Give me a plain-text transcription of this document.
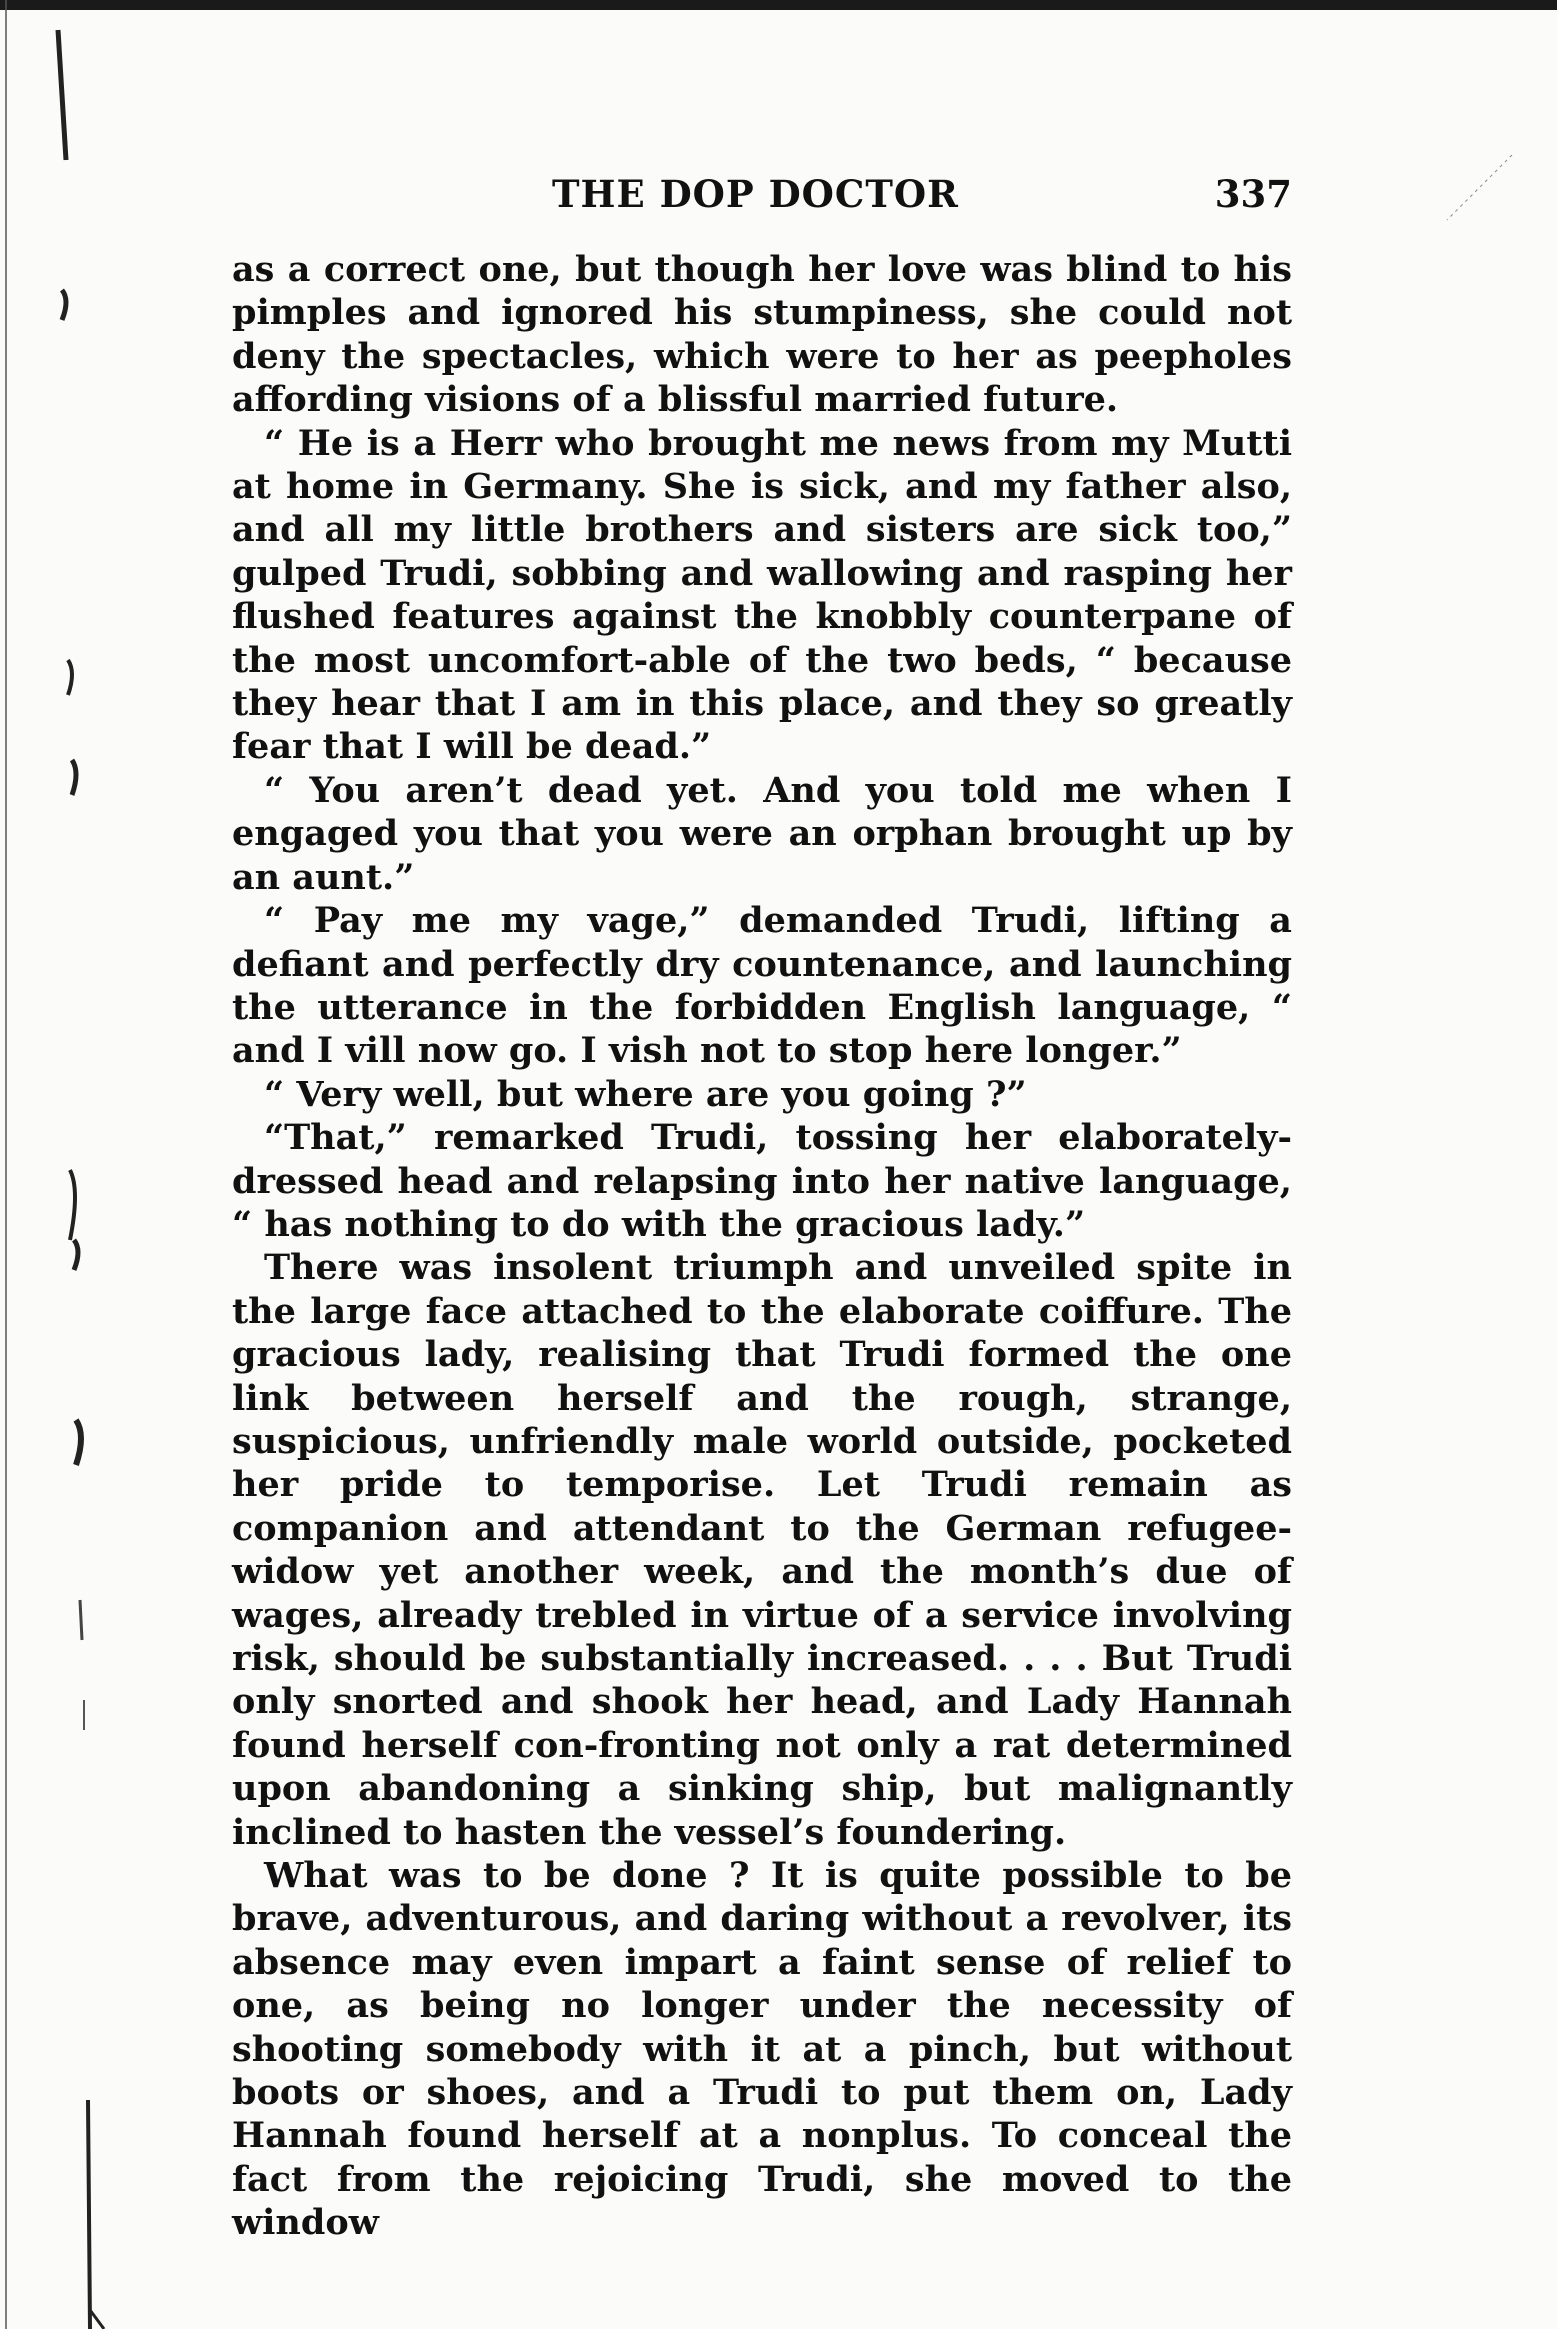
THE DOP DOCTOR	337

as a correct one, but though her love was blind to his pimples and ignored his stumpiness, she could not deny the spectacles, which were to her as peepholes affording visions of a blissful married future.

“ He is a Herr who brought me news from my Mutti at home in Germany. She is sick, and my father also, and all my little brothers and sisters are sick too,” gulped Trudi, sobbing and wallowing and rasping her flushed features against the knobbly counterpane of the most uncomfort-able of the two beds, “ because they hear that I am in this place, and they so greatly fear that I will be dead.”

“ You aren’t dead yet. And you told me when I engaged you that you were an orphan brought up by an aunt.”

“ Pay me my vage,” demanded Trudi, lifting a defiant and perfectly dry countenance, and launching the utterance in the forbidden English language, “ and I vill now go. I vish not to stop here longer.”

“ Very well, but where are you going ?”

“That,” remarked Trudi, tossing her elaborately-dressed head and relapsing into her native language, “ has nothing to do with the gracious lady.”

There was insolent triumph and unveiled spite in the large face attached to the elaborate coiffure. The gracious lady, realising that Trudi formed the one link between herself and the rough, strange, suspicious, unfriendly male world outside, pocketed her pride to temporise. Let Trudi remain as companion and attendant to the German refugee-widow yet another week, and the month’s due of wages, already trebled in virtue of a service involving risk, should be substantially increased. . . . But Trudi only snorted and shook her head, and Lady Hannah found herself con-fronting not only a rat determined upon abandoning a sinking ship, but malignantly inclined to hasten the vessel’s foundering.

What was to be done ? It is quite possible to be brave, adventurous, and daring without a revolver, its absence may even impart a faint sense of relief to one, as being no longer under the necessity of shooting somebody with it at a pinch, but without boots or shoes, and a Trudi to put them on, Lady Hannah found herself at a nonplus. To conceal the fact from the rejoicing Trudi, she moved to the window
